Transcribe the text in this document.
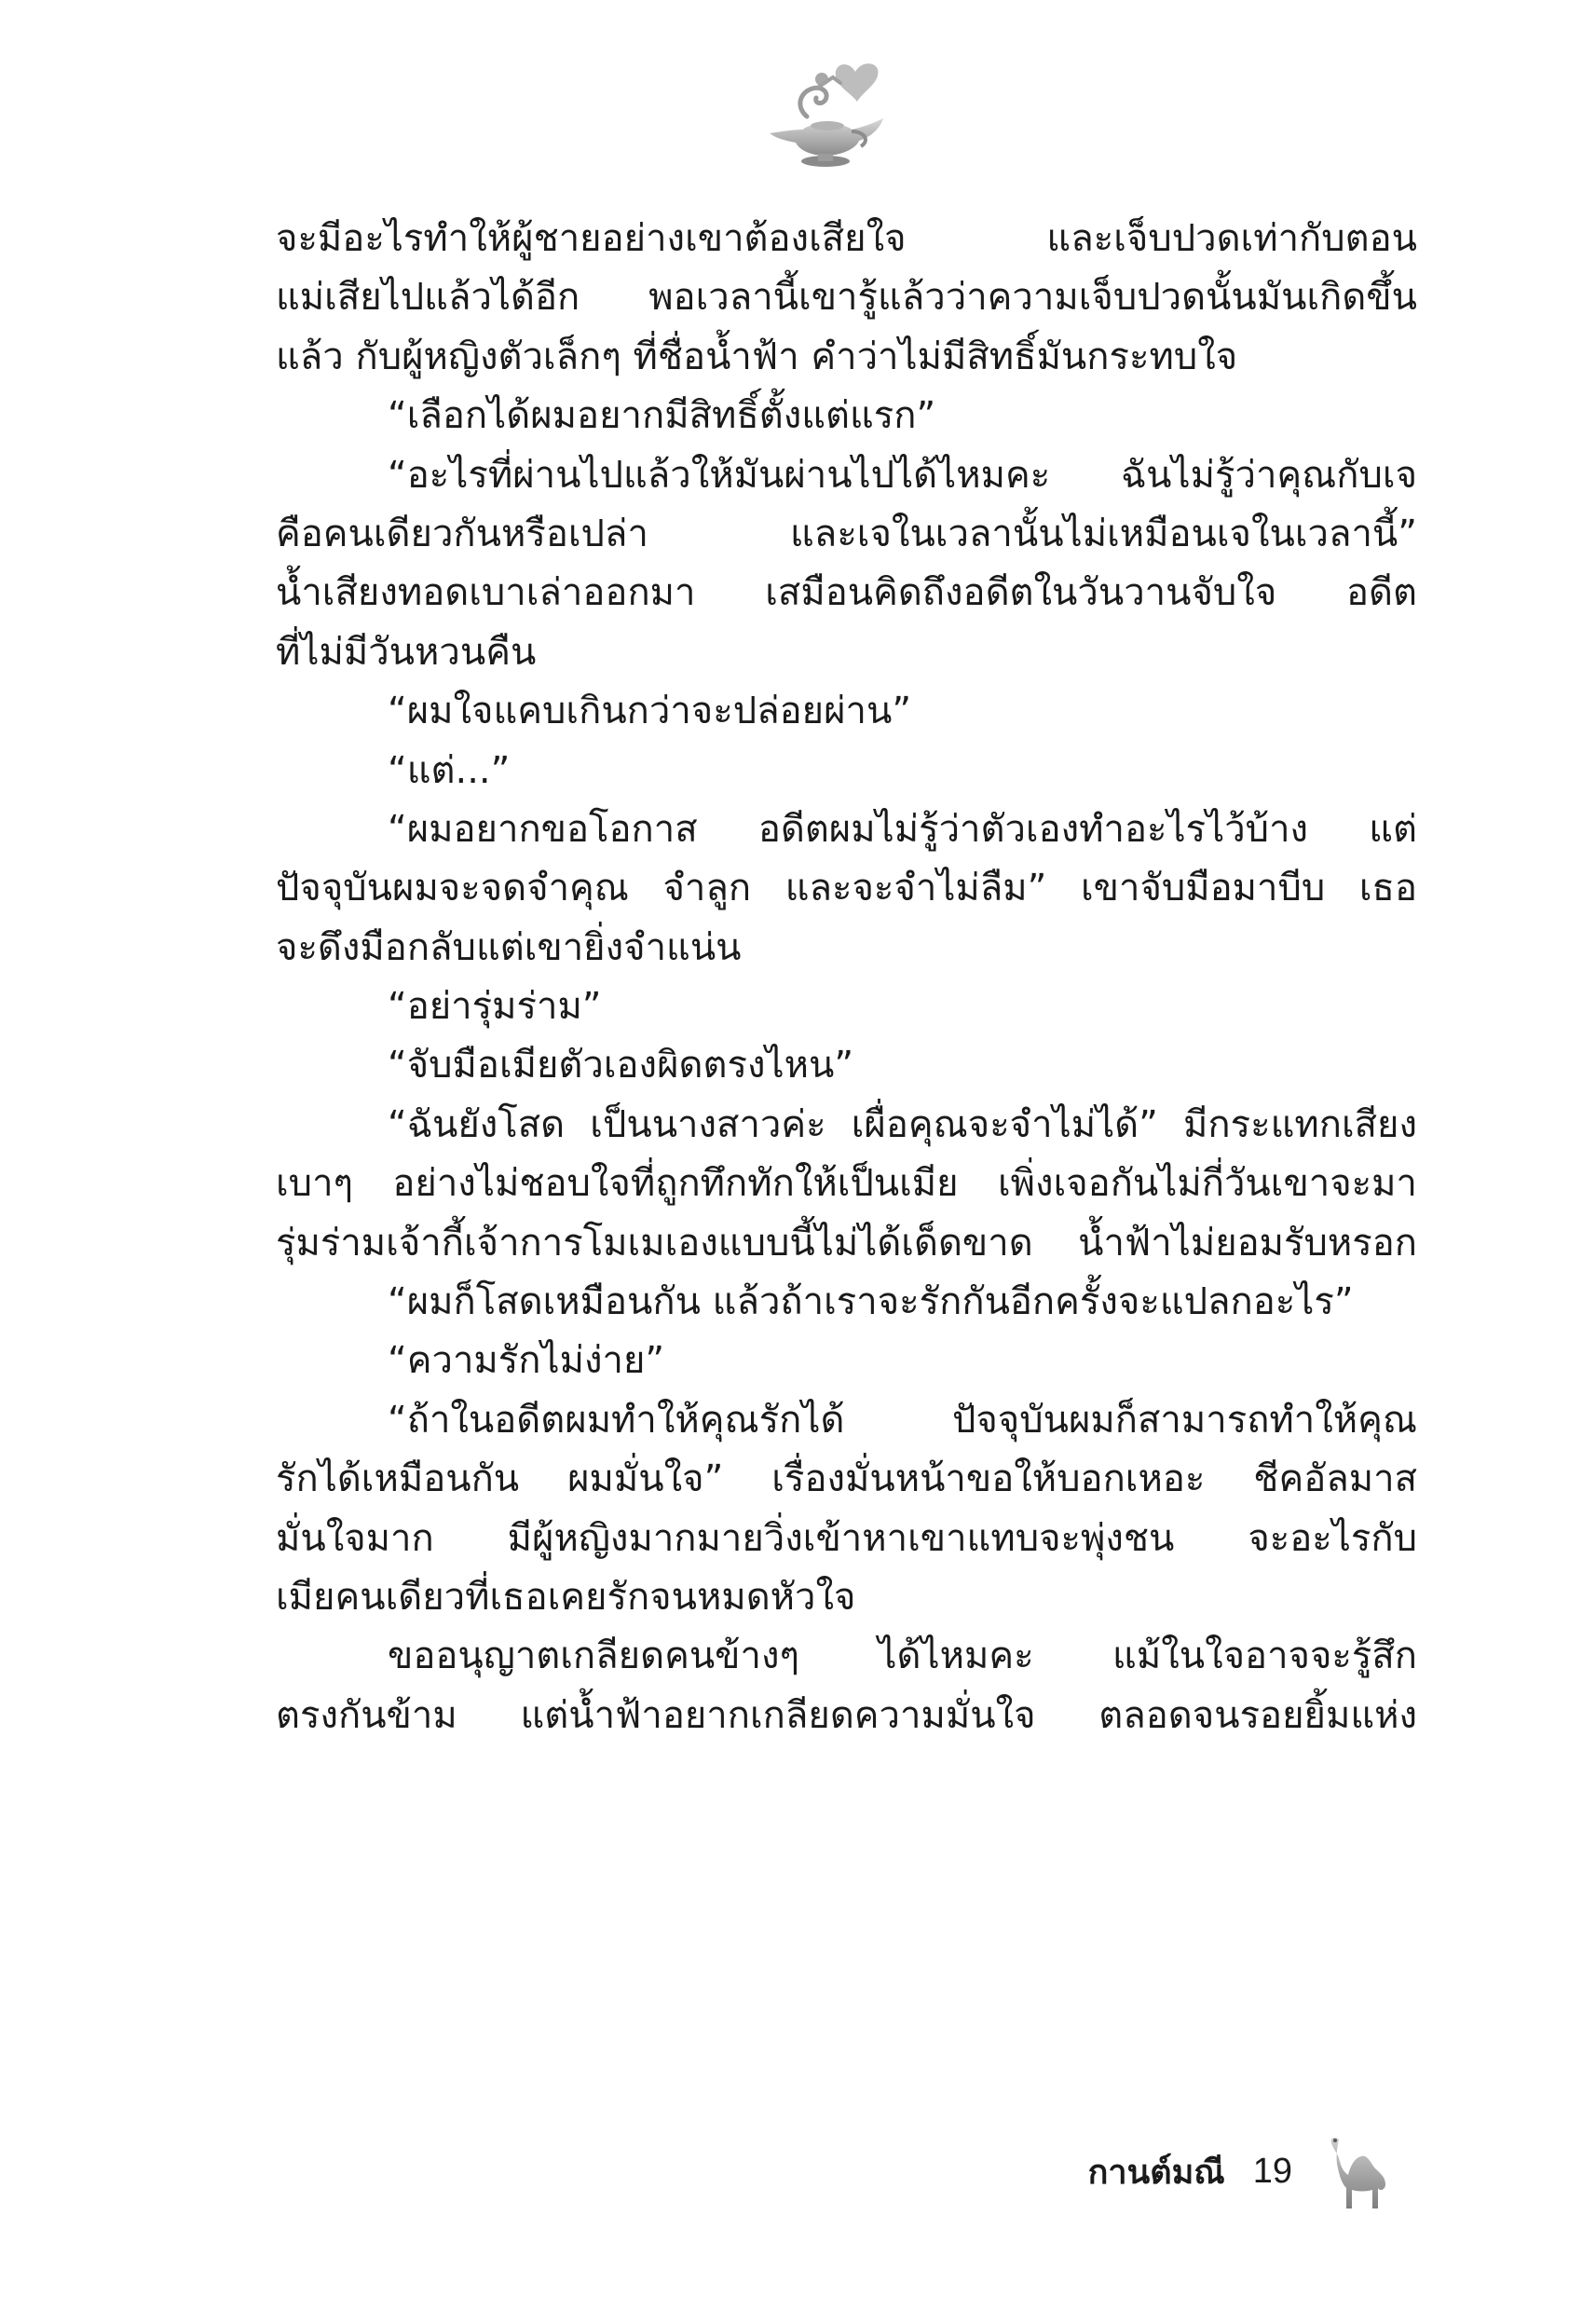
จะมีอะไรทำให้ผู้ชายอย่างเขาต้องเสียใจ และเจ็บปวดเท่ากับตอน
แม่เสียไปแล้วได้อีก พอเวลานี้เขารู้แล้วว่าความเจ็บปวดนั้นมันเกิดขึ้น
แล้ว กับผู้หญิงตัวเล็กๆ ที่ชื่อน้ำฟ้า คำว่าไม่มีสิทธิ์มันกระทบใจ
“เลือกได้ผมอยากมีสิทธิ์ตั้งแต่แรก”
“อะไรที่ผ่านไปแล้วให้มันผ่านไปได้ไหมคะ ฉันไม่รู้ว่าคุณกับเจ
คือคนเดียวกันหรือเปล่า และเจในเวลานั้นไม่เหมือนเจในเวลานี้”
น้ำเสียงทอดเบาเล่าออกมา เสมือนคิดถึงอดีตในวันวานจับใจ อดีต
ที่ไม่มีวันหวนคืน
“ผมใจแคบเกินกว่าจะปล่อยผ่าน”
“แต่...”
“ผมอยากขอโอกาส อดีตผมไม่รู้ว่าตัวเองทำอะไรไว้บ้าง แต่
ปัจจุบันผมจะจดจำคุณ จำลูก และจะจำไม่ลืม” เขาจับมือมาบีบ เธอ
จะดึงมือกลับแต่เขายิ่งจำแน่น
“อย่ารุ่มร่าม”
“จับมือเมียตัวเองผิดตรงไหน”
“ฉันยังโสด เป็นนางสาวค่ะ เผื่อคุณจะจำไม่ได้” มีกระแทกเสียง
เบาๆ อย่างไม่ชอบใจที่ถูกทึกทักให้เป็นเมีย เพิ่งเจอกันไม่กี่วันเขาจะมา
รุ่มร่ามเจ้ากี้เจ้าการโมเมเองแบบนี้ไม่ได้เด็ดขาด น้ำฟ้าไม่ยอมรับหรอก
“ผมก็โสดเหมือนกัน แล้วถ้าเราจะรักกันอีกครั้งจะแปลกอะไร”
“ความรักไม่ง่าย”
“ถ้าในอดีตผมทำให้คุณรักได้ ปัจจุบันผมก็สามารถทำให้คุณ
รักได้เหมือนกัน ผมมั่นใจ” เรื่องมั่นหน้าขอให้บอกเหอะ ชีคอัลมาส
มั่นใจมาก มีผู้หญิงมากมายวิ่งเข้าหาเขาแทบจะพุ่งชน จะอะไรกับ
เมียคนเดียวที่เธอเคยรักจนหมดหัวใจ
ขออนุญาตเกลียดคนข้างๆ ได้ไหมคะ แม้ในใจอาจจะรู้สึก
ตรงกันข้าม แต่น้ำฟ้าอยากเกลียดความมั่นใจ ตลอดจนรอยยิ้มแห่ง
กานต์มณี 19
